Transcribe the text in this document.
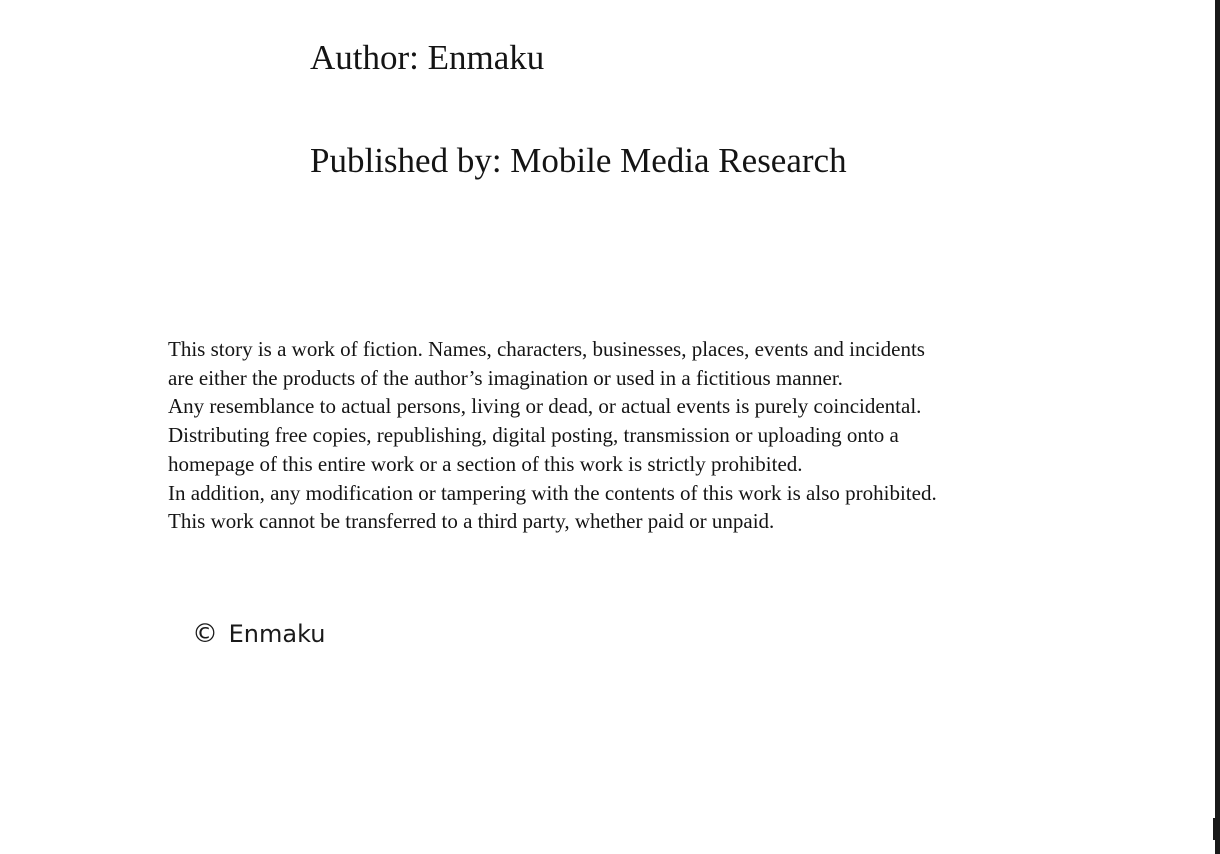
Author: Enmaku
Published by: Mobile Media Research

This story is a work of fiction. Names, characters, businesses, places, events and incidents

are either the products of the author’s imagination or used in a fictitious manner.

Any resemblance to actual persons, living or dead, or actual events is purely coincidental.

Distributing free copies, republishing, digital posting, transmission or uploading onto a

homepage of this entire work or a section of this work is strictly prohibited.

In addition, any modification or tampering with the contents of this work is also prohibited.

This work cannot be transferred to a third party, whether paid or unpaid.

© Enmaku
